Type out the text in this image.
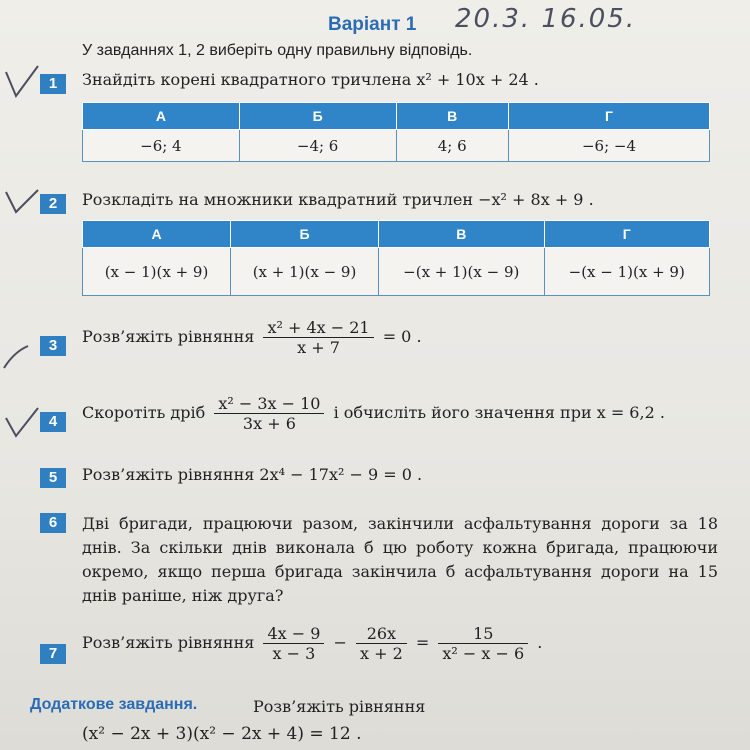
Варіант 1 20.3. 16.05.
У завданнях 1, 2 виберіть одну правильну відповідь.
1	Знайдіть корені квадратного тричлена x² + 10x + 24 .
А	Б	В	Г
−6; 4	−4; 6	4; 6	−6; −4
2	Розкладіть на множники квадратний тричлен −x² + 8x + 9 .
А	Б	В	Г
(x − 1)(x + 9)	(x + 1)(x − 9)	−(x + 1)(x − 9)	−(x − 1)(x + 9)
3	Розв’яжіть рівняння $\frac{\text{x² + 4x − 21}}{x + 7} = 0$ .
4	Скоротіть дріб $\frac{\text{x² − 3x − 10}}{3x + 6}$ і обчисліть його значення при x = 6,2 .
5	Розв’яжіть рівняння 2x⁴ − 17x² − 9 = 0 .
6	Дві бригади, працюючи разом, закінчили асфальтування дороги за 18 днів. За скільки днів виконала б цю роботу кожна бригада, працюючи окремо, якщо перша бригада закінчила б асфальтування дороги на 15 днів раніше, ніж друга?
7
Розв’яжіть рівняння $\frac{4x - 9}{x - 3} - \frac{26x}{x + 2} = \frac{15}{\text{x² − x − 6}}$ .
Додаткове завдання.	Розв’яжіть рівняння
(x² − 2x + 3)(x² − 2x + 4) = 12 .
